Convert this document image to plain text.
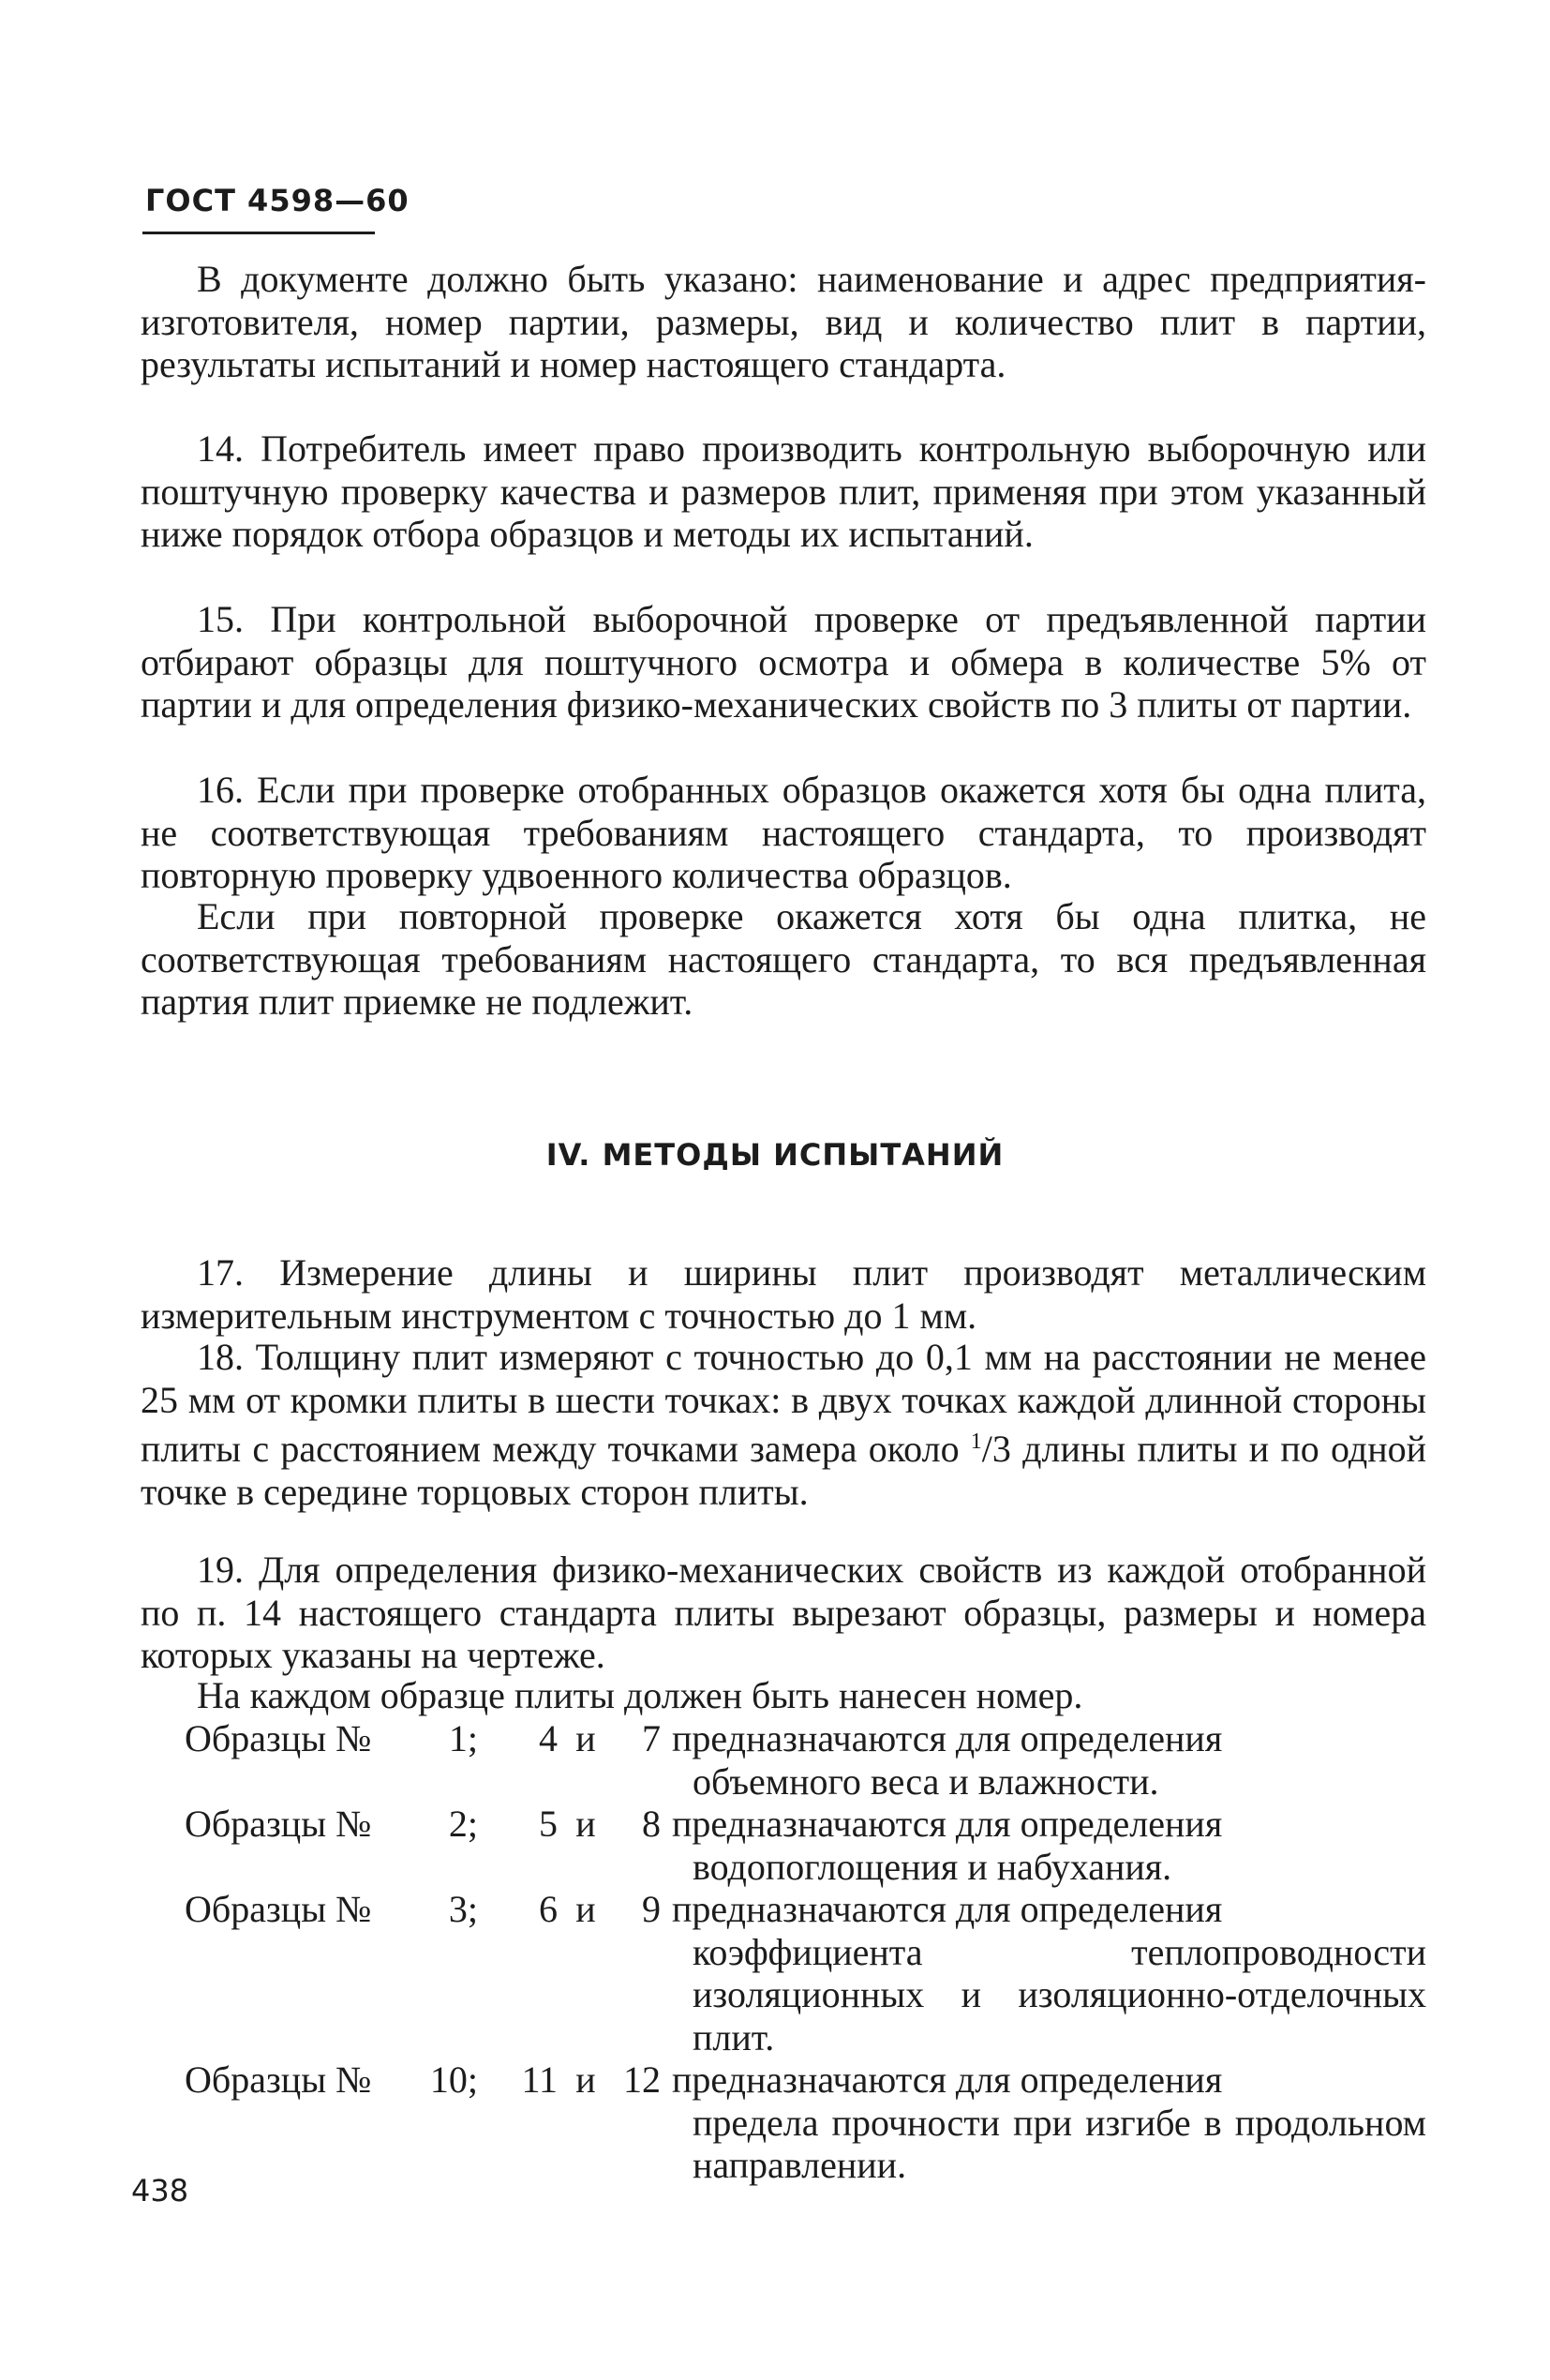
ГОСТ 4598—60

В документе должно быть указано: наименование и адрес предприятия-изготовителя, номер партии, размеры, вид и количество плит в партии, результаты испытаний и номер настоящего стандарта.

14. Потребитель имеет право производить контрольную выборочную или поштучную проверку качества и размеров плит, применяя при этом указанный ниже порядок отбора образцов и методы их испытаний.

15. При контрольной выборочной проверке от предъявленной партии отбирают образцы для поштучного осмотра и обмера в количестве 5% от партии и для определения физико-механических свойств по 3 плиты от партии.

16. Если при проверке отобранных образцов окажется хотя бы одна плита, не соответствующая требованиям настоящего стандарта, то производят повторную проверку удвоенного количества образцов.

Если при повторной проверке окажется хотя бы одна плитка, не соответствующая требованиям настоящего стандарта, то вся предъявленная партия плит приемке не подлежит.

IV. МЕТОДЫ ИСПЫТАНИЙ

17. Измерение длины и ширины плит производят металлическим измерительным инструментом с точностью до 1 мм.

18. Толщину плит измеряют с точностью до 0,1 мм на расстоянии не менее 25 мм от кромки плиты в шести точках: в двух точках каждой длинной стороны плиты с расстоянием между точками замера около $^1$/3 длины плиты и по одной точке в середине торцовых сторон плиты.

19. Для определения физико-механических свойств из каждой отобранной по п. 14 настоящего стандарта плиты вырезают образцы, размеры и номера которых указаны на чертеже.

На каждом образце плиты должен быть нанесен номер.

Образцы №	1;	4 и	7 предназначаются для определения
объемного веса и влажности.
Образцы №	2;	5 и	8 предназначаются для определения
водопоглощения и набухания.
Образцы №	3;	6 и	9 предназначаются для определения
коэффициента теплопроводности изоляционных и изоляционно-отделочных плит.
Образцы №	10;	11 и 12 предназначаются для определения
предела прочности при изгибе в продольном направлении.
438
